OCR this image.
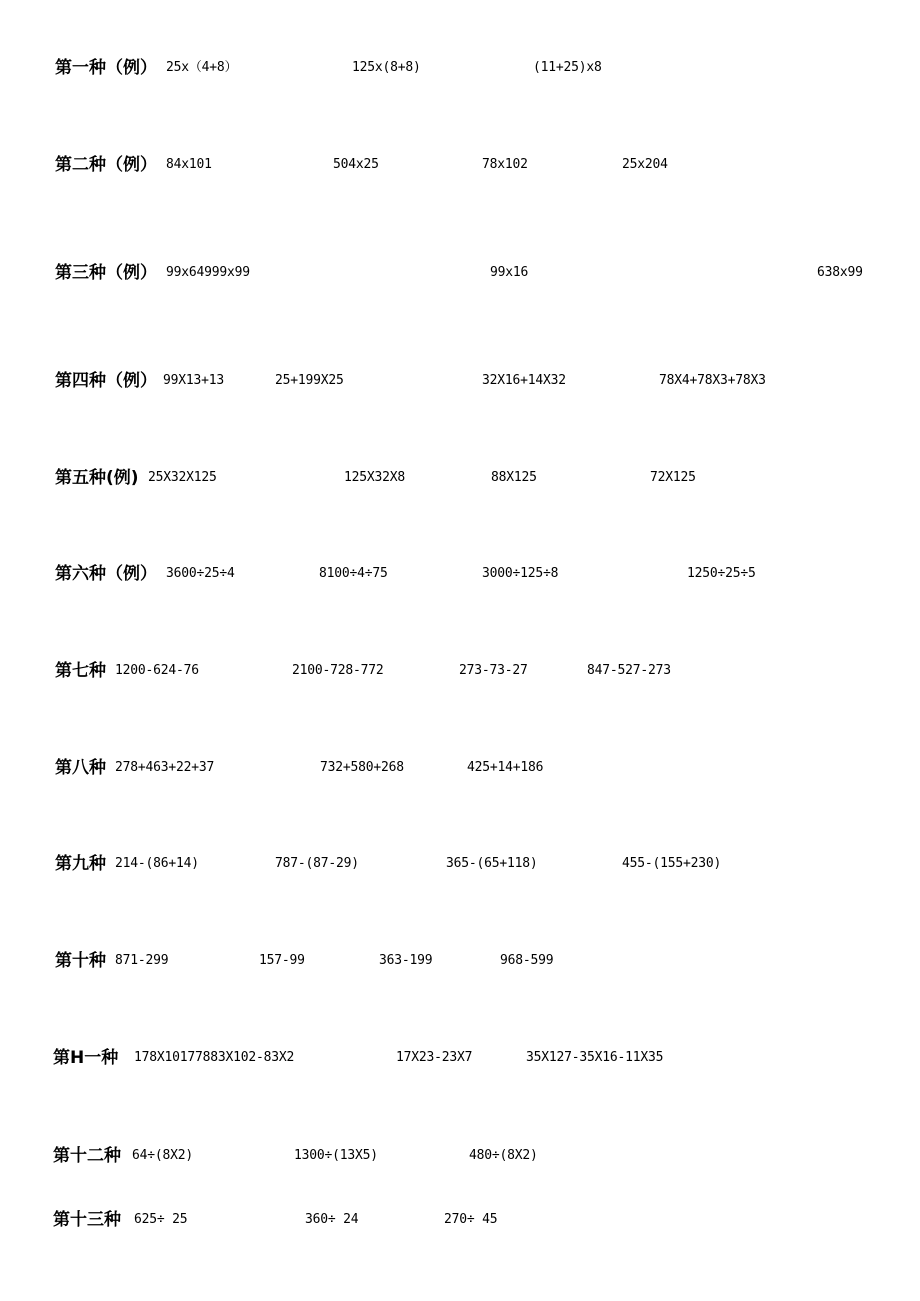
第一种（例） 25x（4+8）	125x(8+8)	(11+25)x8
第二种（例） 84x101	504x25	78x102	25x204
第三种（例） 99x64999x99	99x16	638x99
第四种（例） 99X13+13	25+199X25	32X16+14X32	78X4+78X3+78X3
第五种(例) 25X32X125	125X32X8	88X125	72X125
第六种（例） 3600÷25÷4	8100÷4÷75	3000÷125÷8	1250÷25÷5
第七种 1200-624-76	2100-728-772	273-73-27	847-527-273
第八种 278+463+22+37	732+580+268	425+14+186
第九种 214-(86+14)	787-(87-29)	365-(65+118)	455-(155+230)
第十种 871-299	157-99	363-199	968-599
第H一种 178X10177883X102-83X2	17X23-23X7	35X127-35X16-11X35
第十二种 64÷(8X2)	1300÷(13X5)	480÷(8X2)
第十三种 625÷ 25	360÷ 24	270÷ 45
